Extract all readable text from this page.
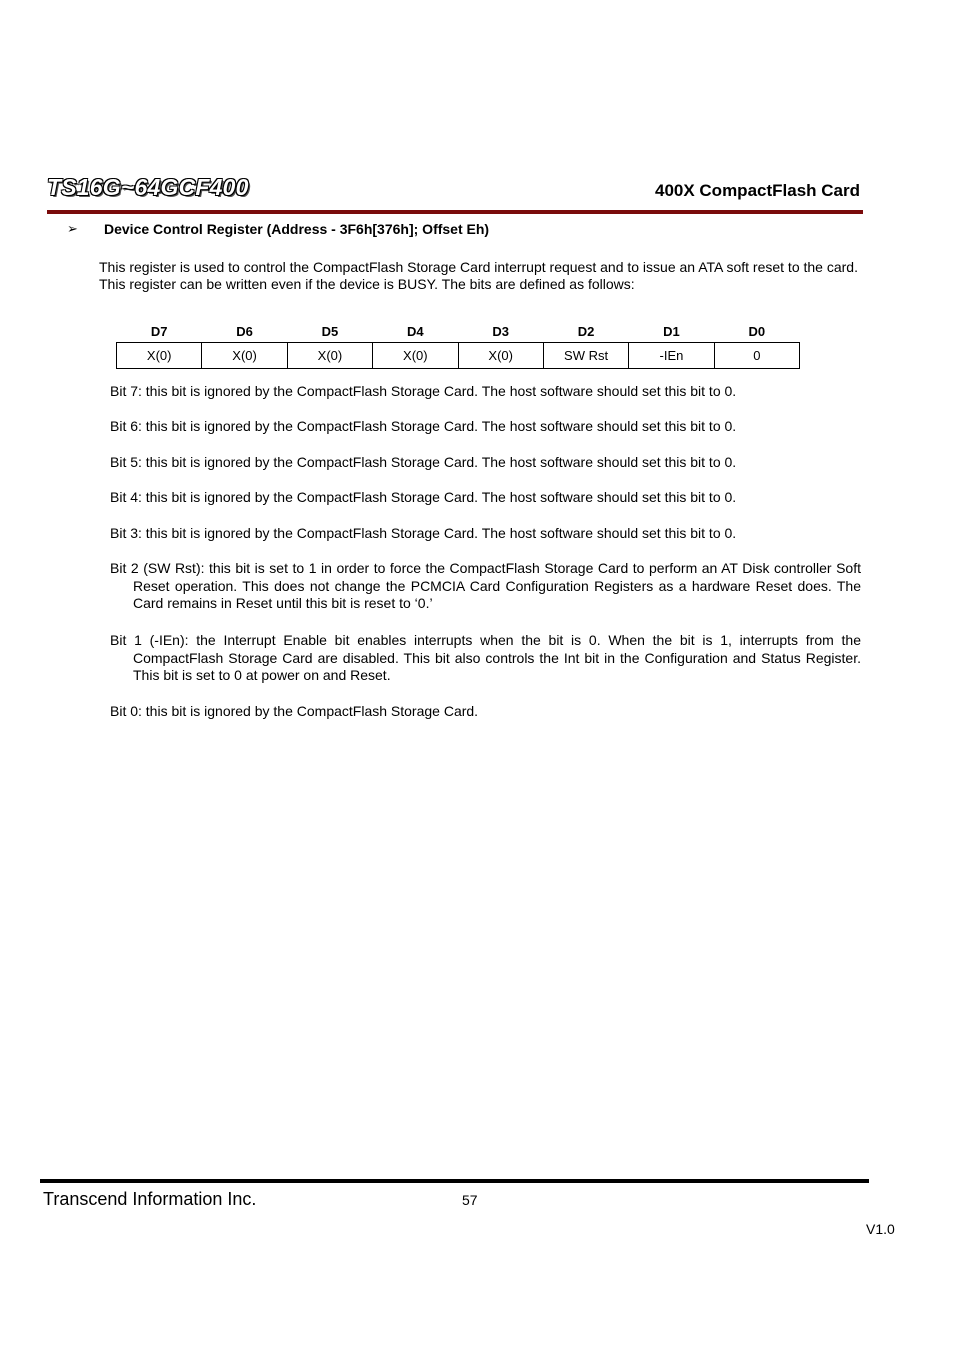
TS16G~64GCF400	400X CompactFlash Card
➢	Device Control Register (Address - 3F6h[376h]; Offset Eh)
This register is used to control the CompactFlash Storage Card interrupt request and to issue an ATA soft reset to the card. This register can be written even if the device is BUSY. The bits are defined as follows:
D7	D6	D5	D4	D3	D2	D1	D0
X(0)	X(0)	X(0)	X(0)	X(0)	SW Rst	-IEn	0

Bit 7: this bit is ignored by the CompactFlash Storage Card. The host software should set this bit to 0.

Bit 6: this bit is ignored by the CompactFlash Storage Card. The host software should set this bit to 0.

Bit 5: this bit is ignored by the CompactFlash Storage Card. The host software should set this bit to 0.

Bit 4: this bit is ignored by the CompactFlash Storage Card. The host software should set this bit to 0.

Bit 3: this bit is ignored by the CompactFlash Storage Card. The host software should set this bit to 0.

Bit 2 (SW Rst): this bit is set to 1 in order to force the CompactFlash Storage Card to perform an AT Disk controller Soft Reset operation. This does not change the PCMCIA Card Configuration Registers as a hardware Reset does. The Card remains in Reset until this bit is reset to ‘0.’

Bit 1 (-IEn): the Interrupt Enable bit enables interrupts when the bit is 0. When the bit is 1, interrupts from the CompactFlash Storage Card are disabled. This bit also controls the Int bit in the Configuration and Status Register. This bit is set to 0 at power on and Reset.

Bit 0: this bit is ignored by the CompactFlash Storage Card.

Transcend Information Inc.	57
V1.0
